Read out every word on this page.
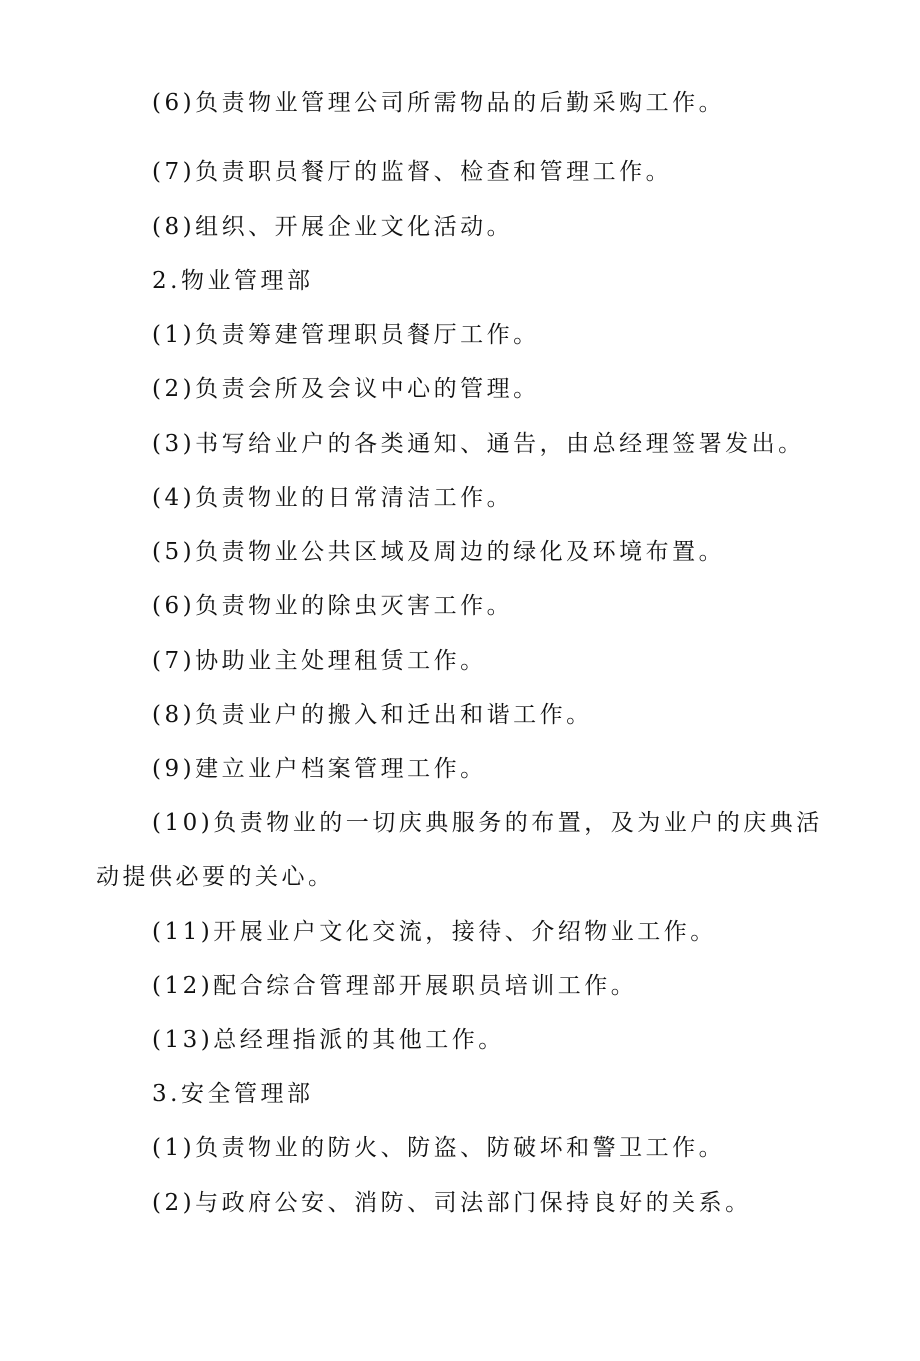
(6)负责物业管理公司所需物品的后勤采购工作。
(7)负责职员餐厅的监督、检查和管理工作。
(8)组织、开展企业文化活动。
2.物业管理部
(1)负责筹建管理职员餐厅工作。
(2)负责会所及会议中心的管理。
(3)书写给业户的各类通知、通告，由总经理签署发出。
(4)负责物业的日常清洁工作。
(5)负责物业公共区域及周边的绿化及环境布置。
(6)负责物业的除虫灭害工作。
(7)协助业主处理租赁工作。
(8)负责业户的搬入和迁出和谐工作。
(9)建立业户档案管理工作。
(10)负责物业的一切庆典服务的布置，及为业户的庆典活
动提供必要的关心。
(11)开展业户文化交流，接待、介绍物业工作。
(12)配合综合管理部开展职员培训工作。
(13)总经理指派的其他工作。
3.安全管理部
(1)负责物业的防火、防盗、防破坏和警卫工作。
(2)与政府公安、消防、司法部门保持良好的关系。
